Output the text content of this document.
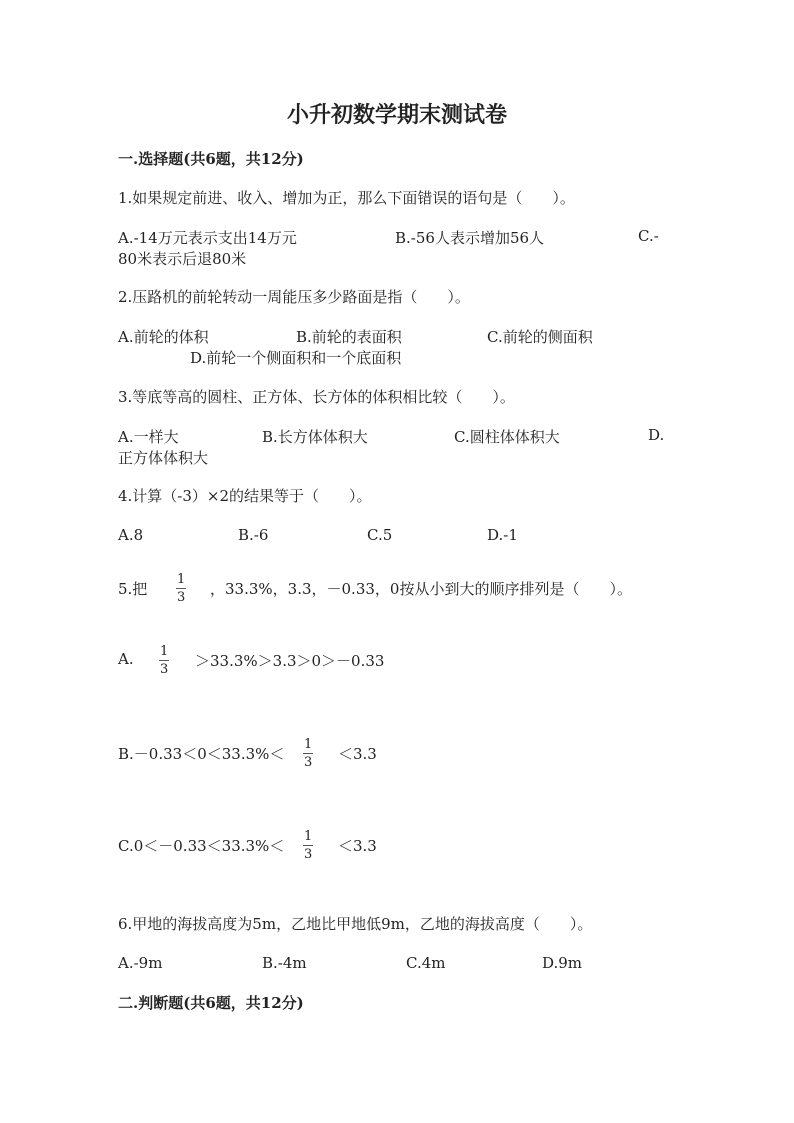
小升初数学期末测试卷
一.选择题(共6题，共12分)
1.如果规定前进、收入、增加为正，那么下面错误的语句是（　　）。
A.-14万元表示支出14万元	B.-56人表示增加56人	C.-
80米表示后退80米
2.压路机的前轮转动一周能压多少路面是指（　　）。
A.前轮的体积	B.前轮的表面积	C.前轮的侧面积
D.前轮一个侧面积和一个底面积
3.等底等高的圆柱、正方体、长方体的体积相比较（　　）。
A.一样大	B.长方体体积大	C.圆柱体体积大	D.
正方体体积大
4.计算（-3）×2的结果等于（　　）。
A.8	B.-6	C.5	D.-1
5.把
1
3 ，33.3%，3.3，－0.33，0按从小到大的顺序排列是（　　）。
A. 1
3 ＞33.3%＞3.3＞0＞－0.33
B.－0.33＜0＜33.3%＜
1
3 ＜3.3
C.0＜－0.33＜33.3%＜
1
3 ＜3.3
6.甲地的海拔高度为5m，乙地比甲地低9m，乙地的海拔高度（　　）。
A.-9m	B.-4m	C.4m	D.9m
二.判断题(共6题，共12分)
